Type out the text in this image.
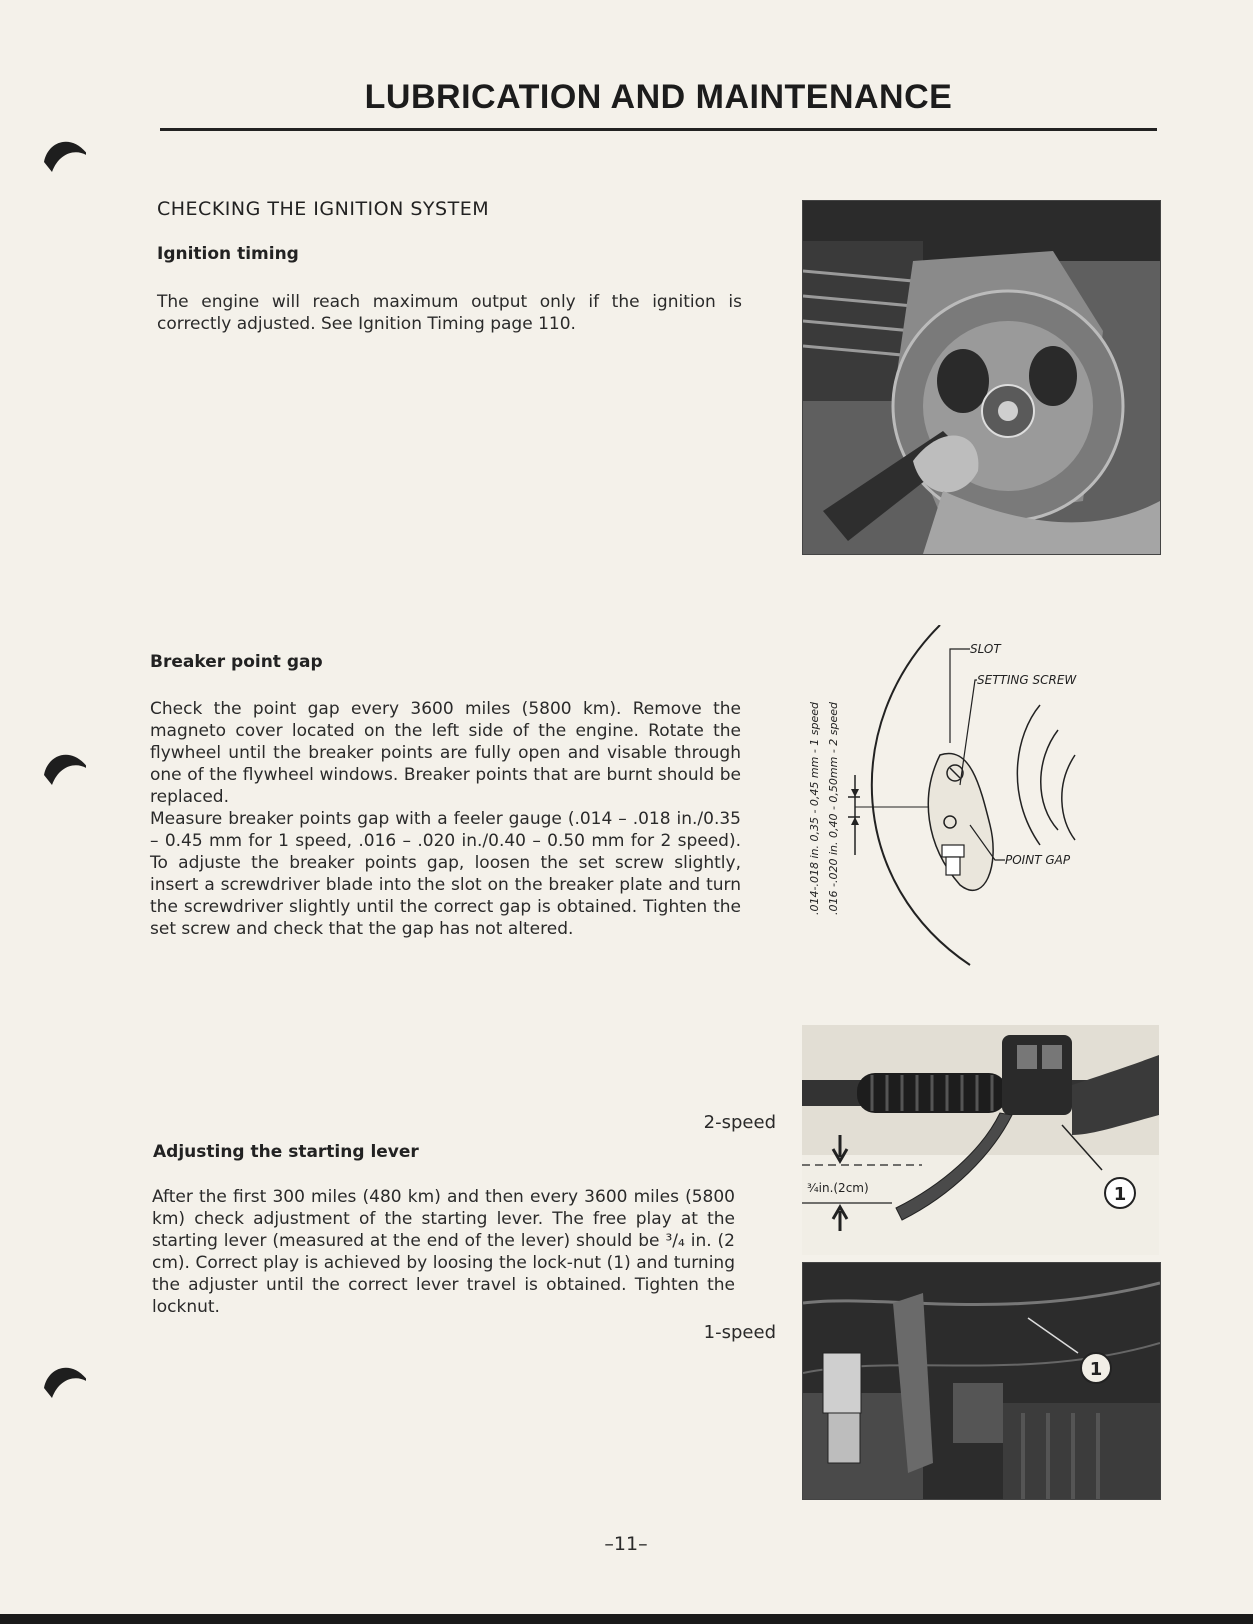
LUBRICATION AND MAINTENANCE
CHECKING THE IGNITION SYSTEM
Ignition timing
The engine will reach maximum output only if the ignition is correctly adjusted. See Ignition Timing page 110.
Breaker point gap

Check the point gap every 3600 miles (5800 km). Remove the magneto cover located on the left side of the engine. Rotate the flywheel until the breaker points are fully open and visable through one of the flywheel windows. Breaker points that are burnt should be replaced.

Measure breaker points gap with a feeler gauge (.014 – .018 in./0.35 – 0.45 mm for 1 speed, .016 – .020 in./0.40 – 0.50 mm for 2 speed). To adjuste the breaker points gap, loosen the set screw slightly, insert a screwdriver blade into the slot on the breaker plate and turn the screwdriver slightly until the correct gap is obtained. Tighten the set screw and check that the gap has not altered.

.014-.018 in. 0,35 - 0,45 mm - 1 speed .016 -.020 in. 0,40 - 0,50mm - 2 speed
SLOT
SETTING SCREW
POINT GAP
2-speed
Adjusting the starting lever
After the first 300 miles (480 km) and then every 3600 miles (5800 km) check adjustment of the starting lever. The free play at the starting lever (measured at the end of the lever) should be ³/₄ in. (2 cm). Correct play is achieved by loosing the lock-nut (1) and turning the adjuster until the correct lever travel is obtained. Tighten the locknut.
1-speed
1
³⁄₄in.(2cm)
1
–11–
